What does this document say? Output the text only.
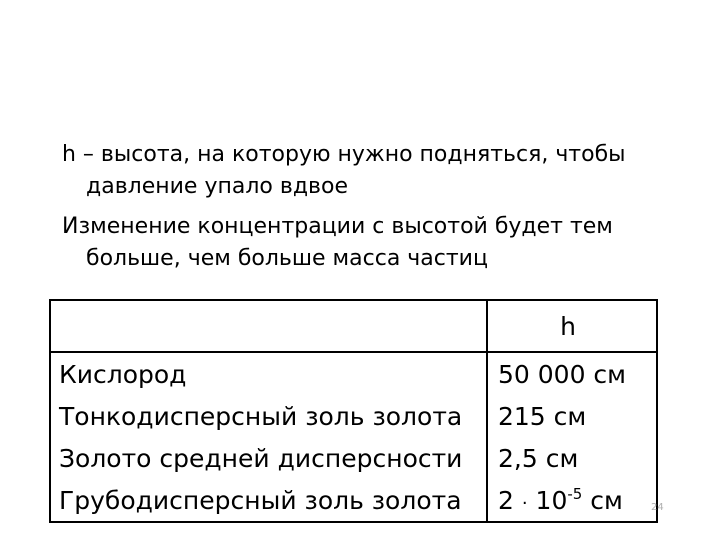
h – высота, на которую нужно подняться, чтобы
давление упало вдвое
Изменение концентрации с высотой будет тем
больше, чем больше масса частиц
	h
Кислород	50 000 см
Тонкодисперсный золь золота	215 см
Золото средней дисперсности	2,5 см
Грубодисперсный золь золота	$2 \cdot 10^{-5}$ см	24
